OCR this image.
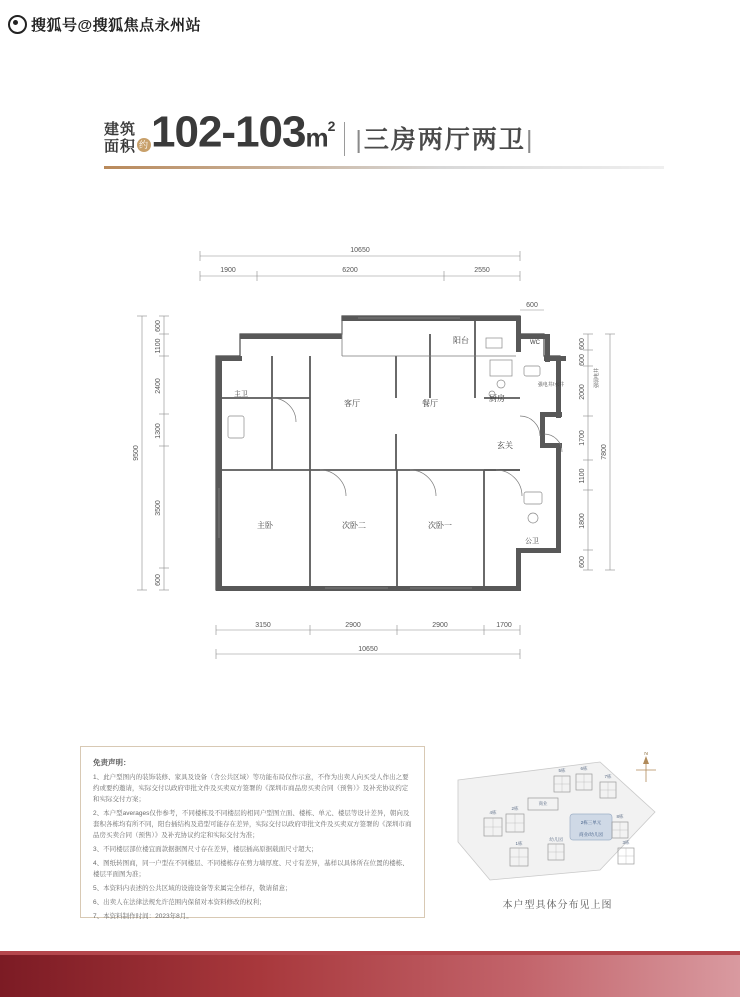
搜狐号@搜狐焦点永州站
建筑
面积 约 $102-103m^2$ |三房两厅两卫|
10650
1900	6200	2550
9500
600
1100
2400
1300
3500
600
7800
600
600
2000
1700
1100
1800
600
600
3150	2900	2900	1700
10650
阳台
客厅	餐厅
厨房
主卫
玄关
主卧	次卧二	次卧一
公卫
WC
强电井/水井	强弱电井
免责声明：

1、此户型图内的装饰装修、家具及设备（含公共区域）等功能布局仅作示意，不作为出卖人向买受人作出之要约或要约邀请，实际交付以政府审批文件及买卖双方签署的《深圳市商品房买卖合同（预售）》及补充协议约定和实际交付方案；

2、本户型averages仅作参考，不同楼栋及不同楼层的相同户型图立面、楼栋、单元、楼层等设计差异，朝向及套积各栋均有所不同，阳台插结构及造型可能存在差异，实际交付以政府审批文件及买卖双方签署的《深圳市商品房买卖合同（预售）》及补充协议约定和实际交付为准；

3、不同楼层部位楼宜面款据据图尺寸存在差异，楼层插高原据载面尺寸超大；

4、图纸转图商，同一户型在不同楼层、不同楼栋存在剪力墙厚度、尺寸有差异，基样以具体所在位置的楼栋、楼层平面图为准；

5、本资料内表述的公共区域的设施设备等来属完全样存，敬请留意；

6、出卖人在法律法规允许范围内保留对本资料修改的权利；

7、本资料制作时间：2023年8月。

5栋	6栋
7栋
8栋
3栋
4栋
2栋
1栋
幼儿园
商业
2栋三单元
商业/幼儿园
N
本户型具体分布见上图
